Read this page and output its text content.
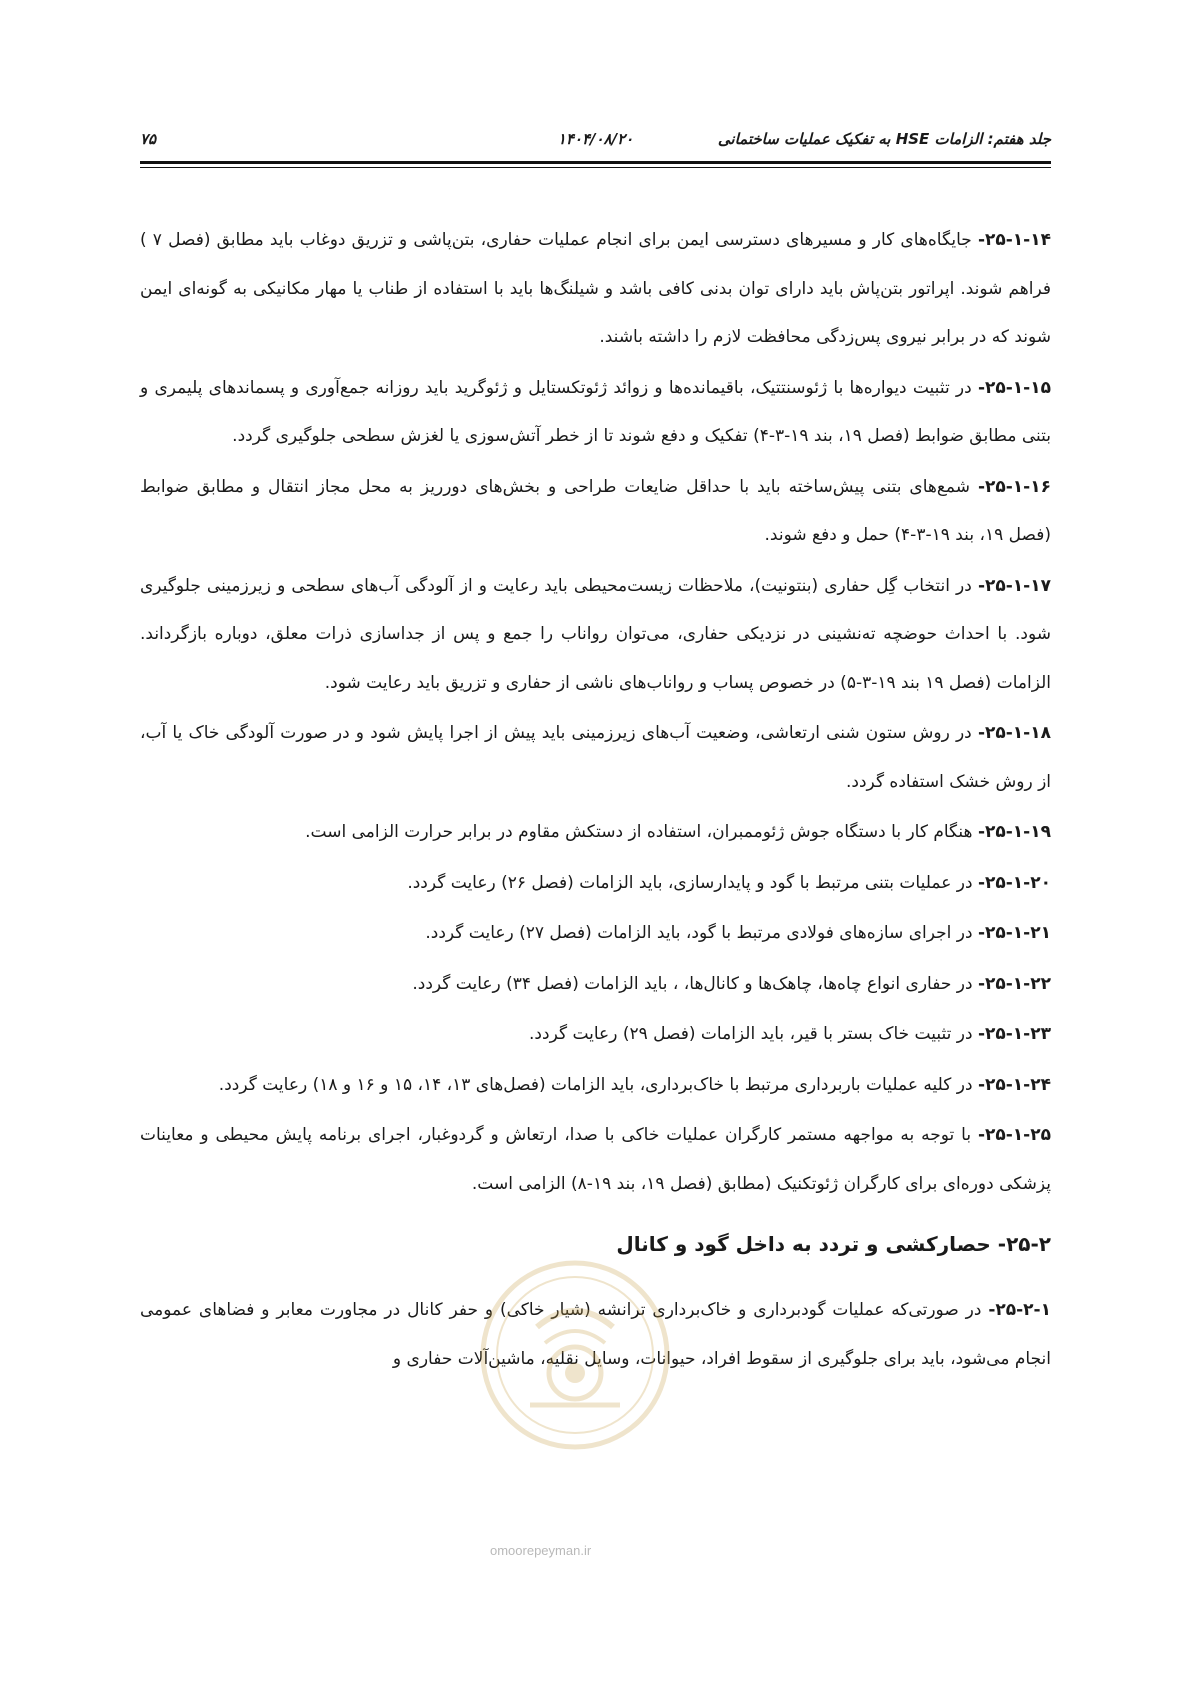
جلد هفتم: الزامات HSE به تفکیک عملیات ساختمانی
۱۴۰۴/۰۸/۲۰
۷۵

۲۵-۱-۱۴- جایگاه‌های کار و مسیرهای دسترسی ایمن برای انجام عملیات حفاری، بتن‌پاشی و تزریق دوغاب باید مطابق (فصل ۷ ) فراهم شوند. اپراتور بتن‌پاش باید دارای توان بدنی کافی باشد و شیلنگ‌ها باید با استفاده از طناب یا مهار مکانیکی به گونه‌ای ایمن شوند که در برابر نیروی پس‌زدگی محافظت لازم را داشته باشند.

۲۵-۱-۱۵- در تثبیت دیواره‌ها با ژئوسنتتیک، باقیمانده‌ها و زوائد ژئوتکستایل و ژئوگرید باید روزانه جمع‌آوری و پسماندهای پلیمری و بتنی مطابق ضوابط (فصل ۱۹، بند ۱۹-۳-۴) تفکیک و دفع شوند تا از خطر آتش‌سوزی یا لغزش سطحی جلوگیری گردد.

۲۵-۱-۱۶- شمع‌های بتنی پیش‌ساخته باید با حداقل ضایعات طراحی و بخش‌های دورریز به محل مجاز انتقال و مطابق ضوابط (فصل ۱۹، بند ۱۹-۳-۴) حمل و دفع شوند.

۲۵-۱-۱۷- در انتخاب گِل حفاری (بنتونیت)، ملاحظات زیست‌محیطی باید رعایت و از آلودگی آب‌های سطحی و زیرزمینی جلوگیری شود. با احداث حوضچه ته‌نشینی در نزدیکی حفاری، می‌توان رواناب را جمع و پس از جداسازی ذرات معلق، دوباره بازگرداند. الزامات (فصل ۱۹ بند ۱۹-۳-۵) در خصوص پساب و رواناب‌های ناشی از حفاری و تزریق باید رعایت شود.

۲۵-۱-۱۸- در روش ستون شنی ارتعاشی، وضعیت آب‌های زیرزمینی باید پیش از اجرا پایش شود و در صورت آلودگی خاک یا آب، از روش خشک استفاده گردد.

۲۵-۱-۱۹- هنگام کار با دستگاه جوش ژئوممبران، استفاده از دستکش مقاوم در برابر حرارت الزامی است.

۲۵-۱-۲۰- در عملیات بتنی مرتبط با گود و پایدارسازی، باید الزامات (فصل ۲۶) رعایت گردد.

۲۵-۱-۲۱- در اجرای سازه‌های فولادی مرتبط با گود، باید الزامات (فصل ۲۷) رعایت گردد.

۲۵-۱-۲۲- در حفاری انواع چاه‌ها، چاهک‌ها و کانال‌ها، ، باید الزامات (فصل ۳۴) رعایت گردد.

۲۵-۱-۲۳- در تثبیت خاک بستر با قیر، باید الزامات (فصل ۲۹) رعایت گردد.

۲۵-۱-۲۴- در کلیه عملیات باربرداری مرتبط با خاک‌برداری، باید الزامات (فصل‌های ۱۳، ۱۴، ۱۵ و ۱۶ و ۱۸) رعایت گردد.

۲۵-۱-۲۵- با توجه به مواجهه مستمر کارگران عملیات خاکی با صدا، ارتعاش و گردوغبار، اجرای برنامه پایش محیطی و معاینات پزشکی دوره‌ای برای کارگران ژئوتکنیک (مطابق (فصل ۱۹، بند ۱۹-۸) الزامی است.

۲۵-۲- حصارکشی و تردد به داخل گود و کانال

۲۵-۲-۱- در صورتی‌که عملیات گودبرداری و خاک‌برداری ترانشه (شیار خاکی) و حفر کانال در مجاورت معابر و فضاهای عمومی انجام می‌شود، باید برای جلوگیری از سقوط افراد، حیوانات، وسایل نقلیه، ماشین‌آلات حفاری و

omoorepeyman.ir
